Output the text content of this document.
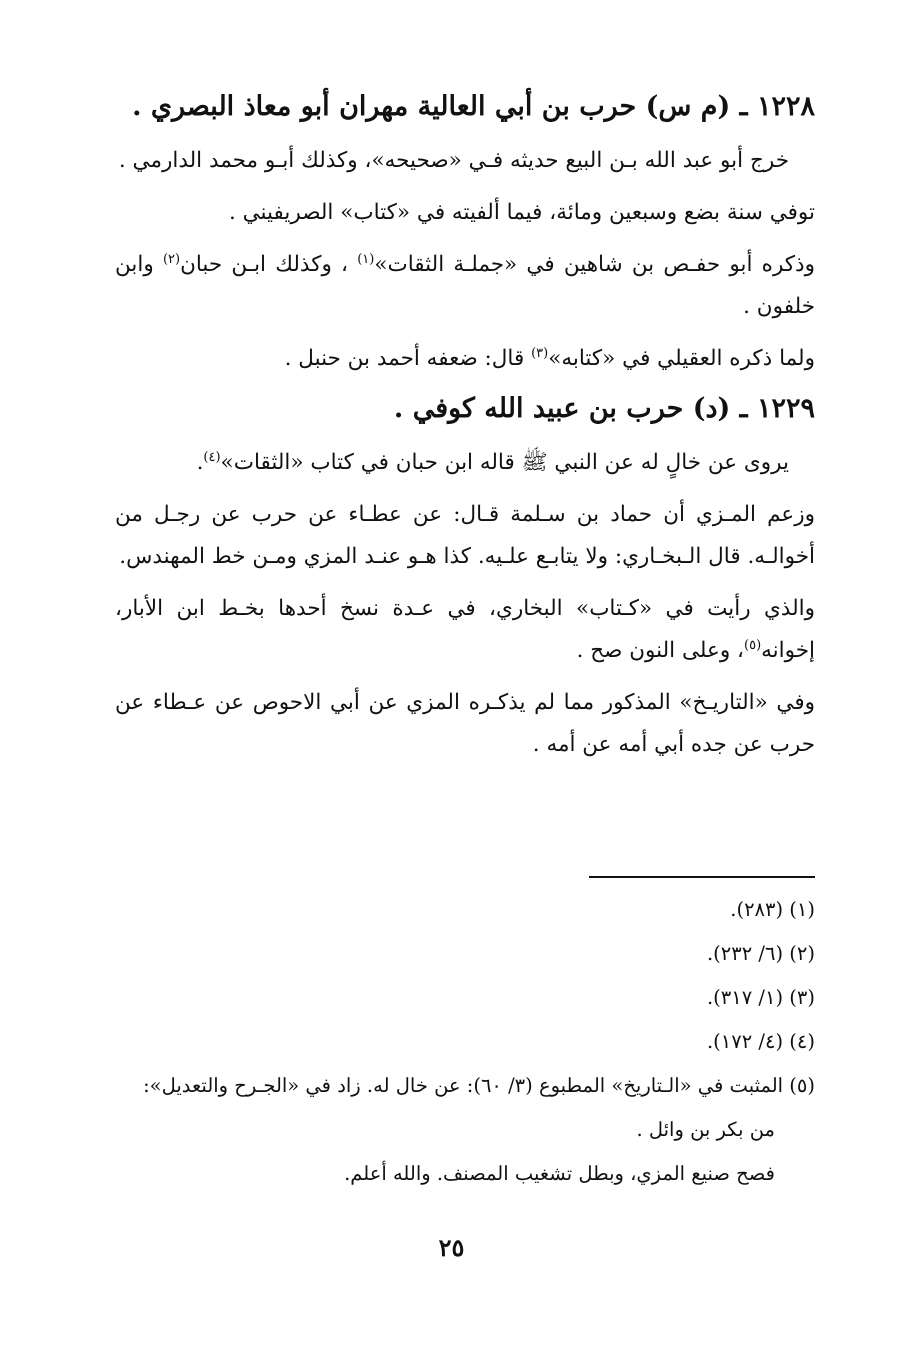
١٢٢٨ ـ (م س) حرب بن أبي العالية مهران أبو معاذ البصري .

خرج أبو عبد الله بـن البيع حديثه فـي «صحيحه»، وكذلك أبـو محمد الدارمي .

توفي سنة بضع وسبعين ومائة، فيما ألفيته في «كتاب» الصريفيني .

وذكره أبو حفـص بن شاهين في «جملـة الثقات»$^{(١)}$ ، وكذلك ابـن حبان$^{(٢)}$ وابن خلفون .

ولما ذكره العقيلي في «كتابه»$^{(٣)}$ قال: ضعفه أحمد بن حنبل .

١٢٢٩ ـ (د) حرب بن عبيد الله كوفي .

يروى عن خالٍ له عن النبي ﷺ قاله ابن حبان في كتاب «الثقات»$^{(٤)}$.

وزعم المـزي أن حماد بن سـلمة قـال: عن عطـاء عن حرب عن رجـل من أخوالـه. قال الـبخـاري: ولا يتابـع علـيه. كذا هـو عنـد المزي ومـن خط المهندس.

والذي رأيت في «كـتاب» البخاري، في عـدة نسخ أحدها بخـط ابن الأبار، إخوانه$^{(٥)}$، وعلى النون صح .

وفي «التاريـخ» المذكور مما لم يذكـره المزي عن أبي الاحوص عن عـطاء عن حرب عن جده أبي أمه عن أمه .

(١) (٢٨٣).

(٢) (٦/ ٢٣٢).

(٣) (١/ ٣١٧).

(٤) (٤/ ١٧٢).

(٥) المثبت في «الـتاريخ» المطبوع (٣/ ٦٠): عن خال له. زاد في «الجـرح والتعديل»:

من بكر بن وائل .

فصح صنيع المزي، وبطل تشغيب المصنف. والله أعلم.

٢٥
